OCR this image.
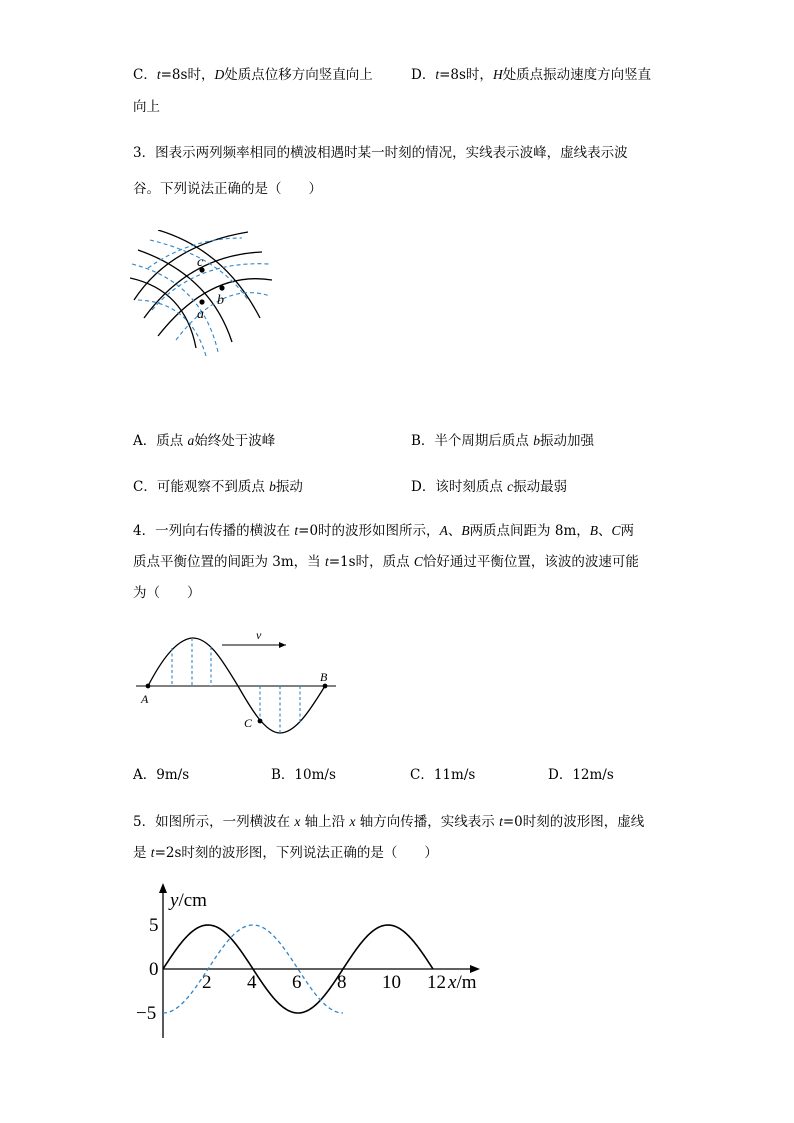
C．t=8s时，D处质点位移方向竖直向上	D．t=8s时，H处质点振动速度方向竖直
向上
3．图表示两列频率相同的横波相遇时某一时刻的情况，实线表示波峰，虚线表示波
谷。下列说法正确的是（　　）
c
b
a
A．质点 a始终处于波峰	B．半个周期后质点 b振动加强
C．可能观察不到质点 b振动	D．该时刻质点 c振动最弱
4．一列向右传播的横波在 t=0时的波形如图所示，A、B两质点间距为 8m，B、C两
质点平衡位置的间距为 3m，当 t=1s时，质点 C恰好通过平衡位置，该波的波速可能
为（　　）
v
A
B
C
A．9m/s	B．10m/s	C．11m/s	D．12m/s
5．如图所示，一列横波在 x 轴上沿 x 轴方向传播，实线表示 t=0时刻的波形图，虚线
是 t=2s时刻的波形图，下列说法正确的是（　　）
y/cm
x/m
2 4 6 8 10 12
5
0
−5
